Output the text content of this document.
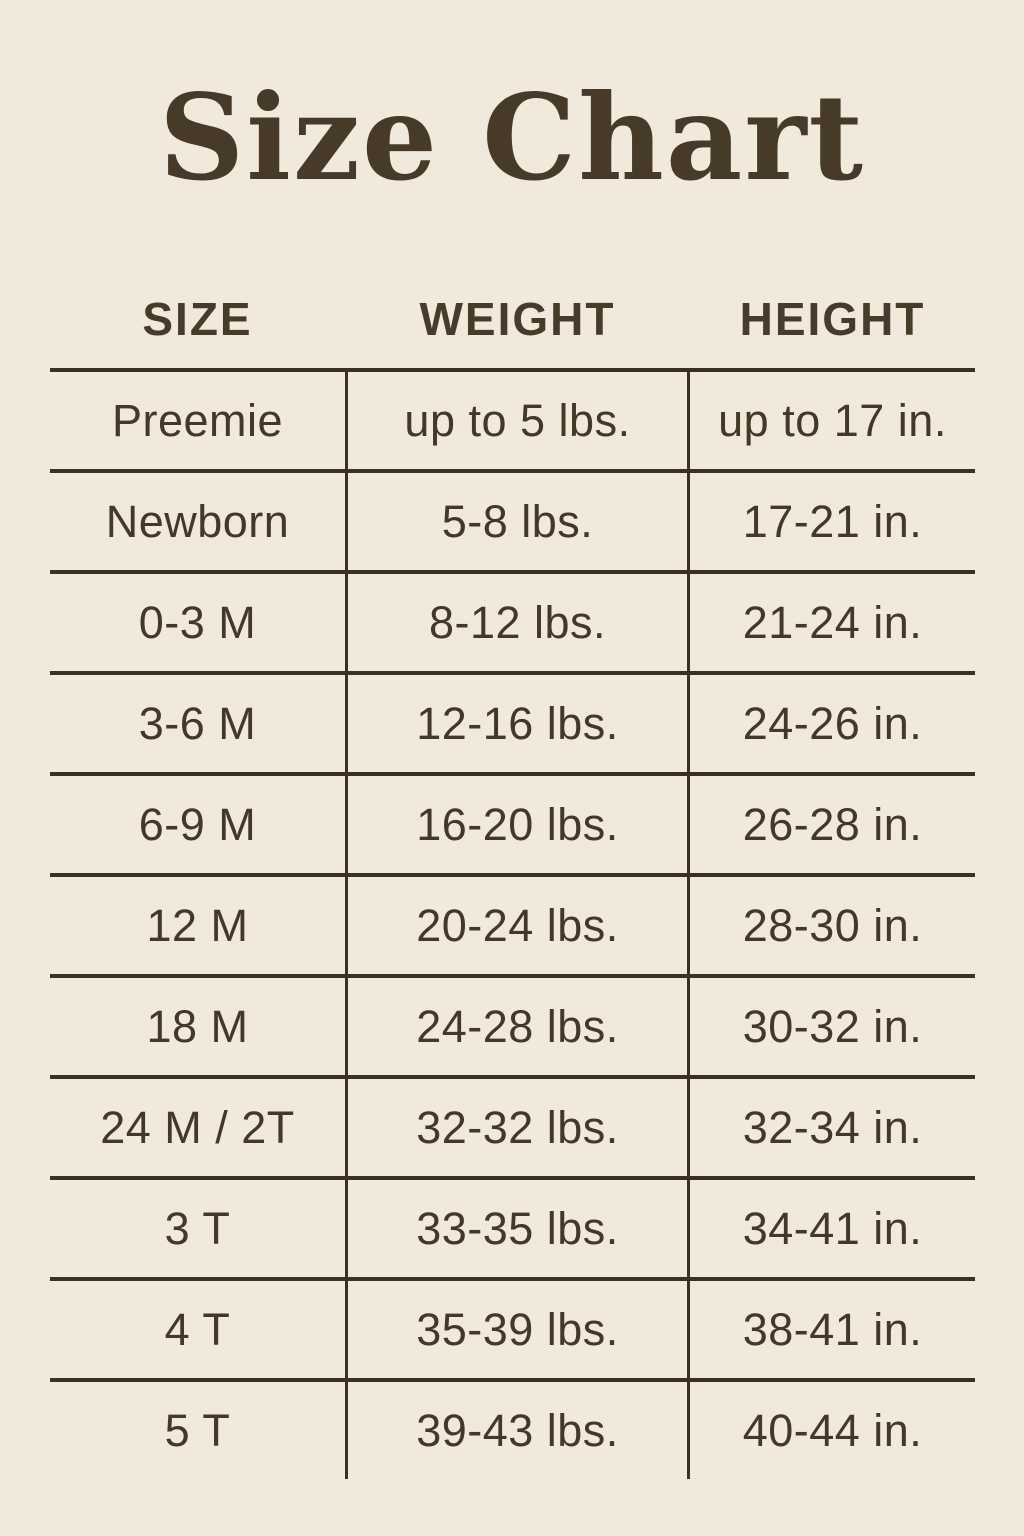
Size Chart
SIZE	WEIGHT	HEIGHT
Preemie	up to 5 lbs.	up to 17 in.
Newborn	5-8 lbs.	17-21 in.
0-3 M	8-12 lbs.	21-24 in.
3-6 M	12-16 lbs.	24-26 in.
6-9 M	16-20 lbs.	26-28 in.
12 M	20-24 lbs.	28-30 in.
18 M	24-28 lbs.	30-32 in.
24 M / 2T	32-32 lbs.	32-34 in.
3 T	33-35 lbs.	34-41 in.
4 T	35-39 lbs.	38-41 in.
5 T	39-43 lbs.	40-44 in.
